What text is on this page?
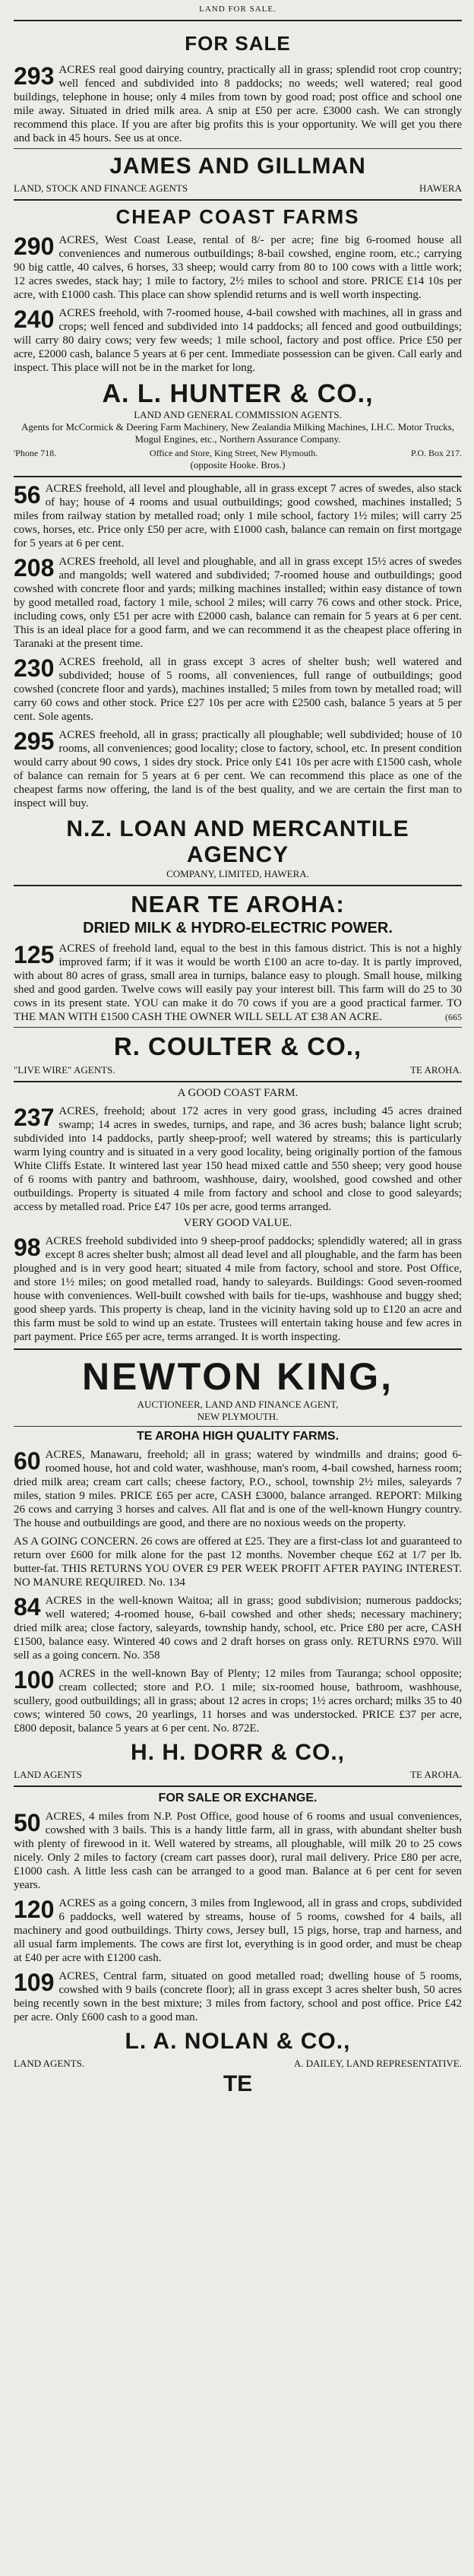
LAND FOR SALE.
FOR SALE
293 ACRES real good dairying country, practically all in grass; splendid root crop country; well fenced and subdivided into 8 paddocks; no weeds; well watered; real good buildings, telephone in house; only 4 miles from town by good road; post office and school one mile away. Situated in dried milk area. A snip at £50 per acre. £3000 cash. We can strongly recommend this place. If you are after big profits this is your opportunity. We will get you there and back in 45 hours. See us at once.
JAMES AND GILLMAN
LAND, STOCK AND FINANCE AGENTS	HAWERA
CHEAP COAST FARMS
290 ACRES, West Coast Lease, rental of 8/- per acre; fine big 6-roomed house all conveniences and numerous outbuildings; 8-bail cowshed, engine room, etc.; carrying 90 big cattle, 40 calves, 6 horses, 33 sheep; would carry from 80 to 100 cows with a little work; 12 acres swedes, stack hay; 1 mile to factory, 2½ miles to school and store. PRICE £14 10s per acre, with £1000 cash. This place can show splendid returns and is well worth inspecting.
240 ACRES freehold, with 7-roomed house, 4-bail cowshed with machines, all in grass and crops; well fenced and subdivided into 14 paddocks; all fenced and good outbuildings; will carry 80 dairy cows; very few weeds; 1 mile school, factory and post office. Price £50 per acre, £2000 cash, balance 5 years at 6 per cent. Immediate possession can be given. Call early and inspect. This place will not be in the market for long.
A. L. HUNTER & CO.,
LAND AND GENERAL COMMISSION AGENTS.
Agents for McCormick & Deering Farm Machinery, New Zealandia Milking Machines, I.H.C. Motor Trucks, Mogul Engines, etc., Northern Assurance Company.
'Phone 718.	Office and Store, King Street, New Plymouth.	P.O. Box 217.
(opposite Hooke. Bros.)
56 ACRES freehold, all level and ploughable, all in grass except 7 acres of swedes, also stack of hay; house of 4 rooms and usual outbuildings; good cowshed, machines installed; 5 miles from railway station by metalled road; only 1 mile school, factory 1½ miles; will carry 25 cows, horses, etc. Price only £50 per acre, with £1000 cash, balance can remain on first mortgage for 5 years at 6 per cent.
208 ACRES freehold, all level and ploughable, and all in grass except 15½ acres of swedes and mangolds; well watered and subdivided; 7-roomed house and outbuildings; good cowshed with concrete floor and yards; milking machines installed; within easy distance of town by good metalled road, factory 1 mile, school 2 miles; will carry 76 cows and other stock. Price, including cows, only £51 per acre with £2000 cash, balance can remain for 5 years at 6 per cent. This is an ideal place for a good farm, and we can recommend it as the cheapest place offering in Taranaki at the present time.
230 ACRES freehold, all in grass except 3 acres of shelter bush; well watered and subdivided; house of 5 rooms, all conveniences, full range of outbuildings; good cowshed (concrete floor and yards), machines installed; 5 miles from town by metalled road; will carry 60 cows and other stock. Price £27 10s per acre with £2500 cash, balance 5 years at 5 per cent. Sole agents.
295 ACRES freehold, all in grass; practically all ploughable; well subdivided; house of 10 rooms, all conveniences; good locality; close to factory, school, etc. In present condition would carry about 90 cows, 1 sides dry stock. Price only £41 10s per acre with £1500 cash, whole of balance can remain for 5 years at 6 per cent. We can recommend this place as one of the cheapest farms now offering, the land is of the best quality, and we are certain the first man to inspect will buy.
N.Z. LOAN AND MERCANTILE AGENCY
COMPANY, LIMITED, HAWERA.
NEAR TE AROHA:
DRIED MILK & HYDRO-ELECTRIC POWER.
125 ACRES of freehold land, equal to the best in this famous district. This is not a highly improved farm; if it was it would be worth £100 an acre to-day. It is partly improved, with about 80 acres of grass, small area in turnips, balance easy to plough. Small house, milking shed and good garden. Twelve cows will easily pay your interest bill. This farm will do 25 to 30 cows in its present state. YOU can make it do 70 cows if you are a good practical farmer. TO THE MAN WITH £1500 CASH THE OWNER WILL SELL AT £38 AN ACRE.	(665
R. COULTER & CO.,
"LIVE WIRE" AGENTS.	TE AROHA.
A GOOD COAST FARM.
237 ACRES, freehold; about 172 acres in very good grass, including 45 acres drained swamp; 14 acres in swedes, turnips, and rape, and 36 acres bush; balance light scrub; subdivided into 14 paddocks, partly sheep-proof; well watered by streams; this is particularly warm lying country and is situated in a very good locality, being originally portion of the famous White Cliffs Estate. It wintered last year 150 head mixed cattle and 550 sheep; very good house of 6 rooms with pantry and bathroom, washhouse, dairy, woolshed, good cowshed and other outbuildings. Property is situated 4 mile from factory and school and close to good saleyards; access by metalled road. Price £47 10s per acre, good terms arranged.
VERY GOOD VALUE.
98 ACRES freehold subdivided into 9 sheep-proof paddocks; splendidly watered; all in grass except 8 acres shelter bush; almost all dead level and all ploughable, and the farm has been ploughed and is in very good heart; situated 4 mile from factory, school and store. Post Office, and store 1½ miles; on good metalled road, handy to saleyards. Buildings: Good seven-roomed house with conveniences. Well-built cowshed with bails for tie-ups, washhouse and buggy shed; good sheep yards. This property is cheap, land in the vicinity having sold up to £120 an acre and this farm must be sold to wind up an estate. Trustees will entertain taking house and few acres in part payment. Price £65 per acre, terms arranged. It is worth inspecting.
NEWTON KING,
AUCTIONEER, LAND AND FINANCE AGENT,
NEW PLYMOUTH.
TE AROHA HIGH QUALITY FARMS.
60 ACRES, Manawaru, freehold; all in grass; watered by windmills and drains; good 6-roomed house, hot and cold water, washhouse, man's room, 4-bail cowshed, harness room; dried milk area; cream cart calls; cheese factory, P.O., school, township 2½ miles, saleyards 7 miles, station 9 miles. PRICE £65 per acre, CASH £3000, balance arranged. REPORT: Milking 26 cows and carrying 3 horses and calves. All flat and is one of the well-known Hungry country. The house and outbuildings are good, and there are no noxious weeds on the property.
AS A GOING CONCERN. 26 cows are offered at £25. They are a first-class lot and guaranteed to return over £600 for milk alone for the past 12 months. November cheque £62 at 1/7 per lb. butter-fat. THIS RETURNS YOU OVER £9 PER WEEK PROFIT AFTER PAYING INTEREST. NO MANURE REQUIRED. No. 134
84 ACRES in the well-known Waitoa; all in grass; good subdivision; numerous paddocks; well watered; 4-roomed house, 6-bail cowshed and other sheds; necessary machinery; dried milk area; close factory, saleyards, township handy, school, etc. Price £80 per acre, CASH £1500, balance easy. Wintered 40 cows and 2 draft horses on grass only. RETURNS £970. Will sell as a going concern. No. 358
100 ACRES in the well-known Bay of Plenty; 12 miles from Tauranga; school opposite; cream collected; store and P.O. 1 mile; six-roomed house, bathroom, washhouse, scullery, good outbuildings; all in grass; about 12 acres in crops; 1½ acres orchard; milks 35 to 40 cows; wintered 50 cows, 20 yearlings, 11 horses and was understocked. PRICE £37 per acre, £800 deposit, balance 5 years at 6 per cent. No. 872E.
H. H. DORR & CO.,
LAND AGENTS	TE AROHA.
FOR SALE OR EXCHANGE.
50 ACRES, 4 miles from N.P. Post Office, good house of 6 rooms and usual conveniences, cowshed with 3 bails. This is a handy little farm, all in grass, with abundant shelter bush with plenty of firewood in it. Well watered by streams, all ploughable, will milk 20 to 25 cows nicely. Only 2 miles to factory (cream cart passes door), rural mail delivery. Price £80 per acre, £1000 cash. A little less cash can be arranged to a good man. Balance at 6 per cent for seven years.
120 ACRES as a going concern, 3 miles from Inglewood, all in grass and crops, subdivided 6 paddocks, well watered by streams, house of 5 rooms, cowshed for 4 bails, all machinery and good outbuildings. Thirty cows, Jersey bull, 15 pigs, horse, trap and harness, and all usual farm implements. The cows are first lot, everything is in good order, and must be cheap at £40 per acre with £1200 cash.
109 ACRES, Central farm, situated on good metalled road; dwelling house of 5 rooms, cowshed with 9 bails (concrete floor); all in grass except 3 acres shelter bush, 50 acres being recently sown in the best mixture; 3 miles from factory, school and post office. Price £42 per acre. Only £600 cash to a good man.
L. A. NOLAN & CO.,
LAND AGENTS.	A. DAILEY, LAND REPRESENTATIVE.
TE
